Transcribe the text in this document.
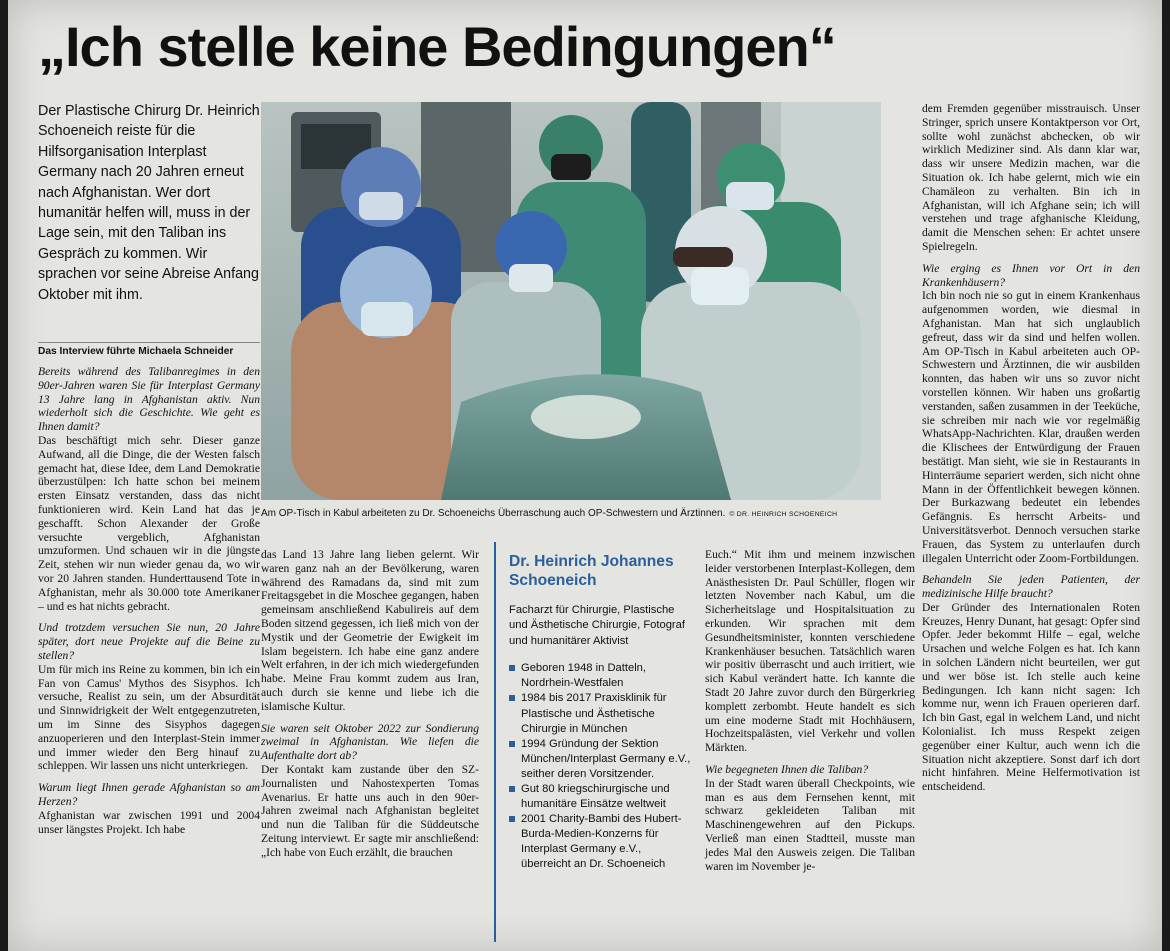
„Ich stelle keine Bedingungen“
Der Plastische Chirurg Dr. Heinrich Schoeneich reiste für die Hilfsorganisation Interplast Germany nach 20 Jahren erneut nach Afghanistan. Wer dort humanitär helfen will, muss in der Lage sein, mit den Taliban ins Gespräch zu kommen. Wir sprachen vor seine Abreise Anfang Oktober mit ihm.
Das Interview führte Michaela Schneider

Bereits während des Talibanregimes in den 90er-Jahren waren Sie für Interplast Germany 13 Jahre lang in Afghanistan aktiv. Nun wiederholt sich die Geschichte. Wie geht es Ihnen damit?

Das beschäftigt mich sehr. Dieser ganze Aufwand, all die Dinge, die der Westen falsch gemacht hat, diese Idee, dem Land Demokratie überzustülpen: Ich hatte schon bei meinem ersten Einsatz verstanden, dass das nicht funktionieren wird. Kein Land hat das je geschafft. Schon Alexander der Große versuchte vergeblich, Afghanistan umzuformen. Und schauen wir in die jüngste Zeit, stehen wir nun wieder genau da, wo wir vor 20 Jahren standen. Hunderttausend Tote in Afghanistan, mehr als 30.000 tote Amerikaner – und es hat nichts gebracht.

Und trotzdem versuchen Sie nun, 20 Jahre später, dort neue Projekte auf die Beine zu stellen?

Um für mich ins Reine zu kommen, bin ich ein Fan von Camus' Mythos des Sisyphos. Ich versuche, Realist zu sein, um der Absurdität und Sinnwidrigkeit der Welt entgegenzutreten, um im Sinne des Sisyphos dagegen anzuoperieren und den Interplast-Stein immer und immer wieder den Berg hinauf zu schleppen. Wir lassen uns nicht unterkriegen.

Warum liegt Ihnen gerade Afghanistan so am Herzen?

Afghanistan war zwischen 1991 und 2004 unser längstes Projekt. Ich habe

Am OP-Tisch in Kabul arbeiteten zu Dr. Schoeneichs Überraschung auch OP-Schwestern und Ärztinnen. © DR. HEINRICH SCHOENEICH

das Land 13 Jahre lang lieben gelernt. Wir waren ganz nah an der Bevölkerung, waren während des Ramadans da, sind mit zum Freitagsgebet in die Moschee gegangen, haben gemeinsam anschließend Kabulireis auf dem Boden sitzend gegessen, ich ließ mich von der Mystik und der Geometrie der Ewigkeit im Islam begeistern. Ich habe eine ganz andere Welt erfahren, in der ich mich wiedergefunden habe. Meine Frau kommt zudem aus Iran, auch durch sie kenne und liebe ich die islamische Kultur.

Sie waren seit Oktober 2022 zur Sondierung zweimal in Afghanistan. Wie liefen die Aufenthalte dort ab?

Der Kontakt kam zustande über den SZ-Journalisten und Nahostexperten Tomas Avenarius. Er hatte uns auch in den 90er- Jahren zweimal nach Afghanistan begleitet und nun die Taliban für die Süddeutsche Zeitung interviewt. Er sagte mir anschließend: „Ich habe von Euch erzählt, die brauchen

Dr. Heinrich Johannes Schoeneich
Facharzt für Chirurgie, Plastische und Ästhetische Chirurgie, Fotograf und humanitärer Aktivist
Geboren 1948 in Datteln, Nordrhein-Westfalen
1984 bis 2017 Praxisklinik für Plastische und Ästhetische Chirurgie in München
1994 Gründung der Sektion München/Interplast Germany e.V., seither deren Vorsitzender.
Gut 80 kriegschirurgische und humanitäre Einsätze weltweit
2001 Charity-Bambi des Hubert-Burda-Medien-Konzerns für Interplast Germany e.V., überreicht an Dr. Schoeneich

Euch.“ Mit ihm und meinem inzwischen leider verstorbenen Interplast-Kollegen, dem Anästhesisten Dr. Paul Schüller, flogen wir letzten November nach Kabul, um die Sicherheitslage und Hospitalsituation zu erkunden. Wir sprachen mit dem Gesundheitsminister, konnten verschiedene Krankenhäuser besuchen. Tatsächlich waren wir positiv überrascht und auch irritiert, wie sich Kabul verändert hatte. Ich kannte die Stadt 20 Jahre zuvor durch den Bürgerkrieg komplett zerbombt. Heute handelt es sich um eine moderne Stadt mit Hochhäusern, Hochzeitspalästen, viel Verkehr und vollen Märkten.

Wie begegneten Ihnen die Taliban?

In der Stadt waren überall Checkpoints, wie man es aus dem Fernsehen kennt, mit schwarz gekleideten Taliban mit Maschinengewehren auf den Pickups. Verließ man einen Stadtteil, musste man jedes Mal den Ausweis zeigen. Die Taliban waren im November je-

dem Fremden gegenüber misstrauisch. Unser Stringer, sprich unsere Kontaktperson vor Ort, sollte wohl zunächst abchecken, ob wir wirklich Mediziner sind. Als dann klar war, dass wir unsere Medizin machen, war die Situation ok. Ich habe gelernt, mich wie ein Chamäleon zu verhalten. Bin ich in Afghanistan, will ich Afghane sein; ich will verstehen und trage afghanische Kleidung, damit die Menschen sehen: Er achtet unsere Spielregeln.

Wie erging es Ihnen vor Ort in den Krankenhäusern?

Ich bin noch nie so gut in einem Krankenhaus aufgenommen worden, wie diesmal in Afghanistan. Man hat sich unglaublich gefreut, dass wir da sind und helfen wollen. Am OP-Tisch in Kabul arbeiteten auch OP-Schwestern und Ärztinnen, die wir ausbilden konnten, das haben wir uns so zuvor nicht vorstellen können. Wir haben uns großartig verstanden, saßen zusammen in der Teeküche, sie schreiben mir nach wie vor regelmäßig WhatsApp-Nachrichten. Klar, draußen werden die Klischees der Entwürdigung der Frauen bestätigt. Man sieht, wie sie in Restaurants in Hinterräume separiert werden, sich nicht ohne Mann in der Öffentlichkeit bewegen können. Der Burkazwang bedeutet ein lebendes Gefängnis. Es herrscht Arbeits- und Universitätsverbot. Dennoch versuchen starke Frauen, das System zu unterlaufen durch illegalen Unterricht oder Zoom-Fortbildungen.

Behandeln Sie jeden Patienten, der medizinische Hilfe braucht?

Der Gründer des Internationalen Roten Kreuzes, Henry Dunant, hat gesagt: Opfer sind Opfer. Jeder bekommt Hilfe – egal, welche Ursachen und welche Folgen es hat. Ich kann in solchen Ländern nicht beurteilen, wer gut und wer böse ist. Ich stelle auch keine Bedingungen. Ich kann nicht sagen: Ich komme nur, wenn ich Frauen operieren darf. Ich bin Gast, egal in welchem Land, und nicht Kolonialist. Ich muss Respekt zeigen gegenüber einer Kultur, auch wenn ich die Situation nicht akzeptiere. Sonst darf ich dort nicht hinfahren. Meine Helfermotivation ist entscheidend.
